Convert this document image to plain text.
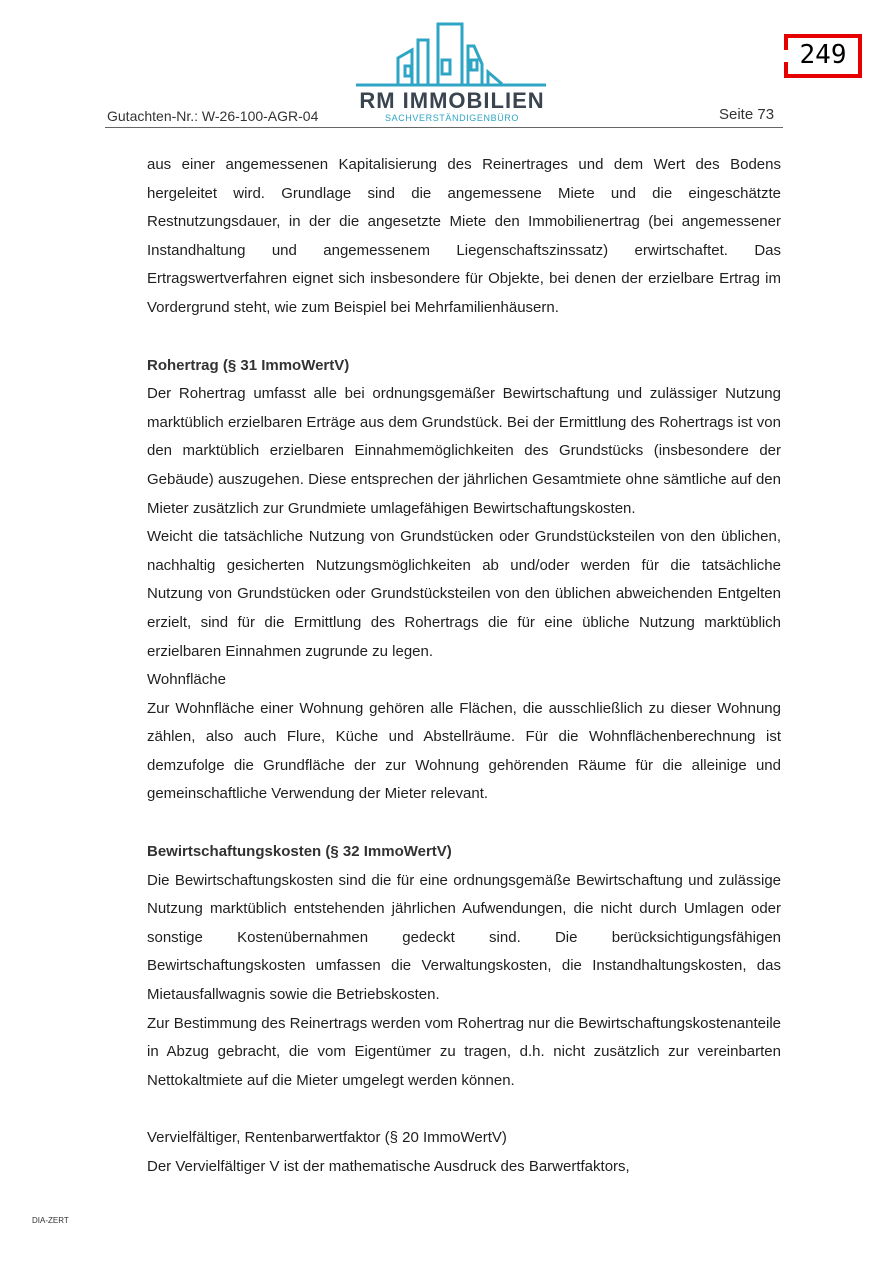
249
RM IMMOBILIEN
SACHVERSTÄNDIGENBÜRO
Gutachten-Nr.: W-26-100-AGR-04	Seite 73

aus einer angemessenen Kapitalisierung des Reinertrages und dem Wert des Bodens hergeleitet wird. Grundlage sind die angemessene Miete und die eingeschätzte Restnutzungsdauer, in der die angesetzte Miete den Immobilienertrag (bei angemessener Instandhaltung und angemessenem Liegenschaftszinssatz) erwirtschaftet. Das Ertragswertverfahren eignet sich insbesondere für Objekte, bei denen der erzielbare Ertrag im Vordergrund steht, wie zum Beispiel bei Mehrfamilienhäusern.

Rohertrag (§ 31 ImmoWertV)

Der Rohertrag umfasst alle bei ordnungsgemäßer Bewirtschaftung und zulässiger Nutzung marktüblich erzielbaren Erträge aus dem Grundstück. Bei der Ermittlung des Rohertrags ist von den marktüblich erzielbaren Einnahmemöglichkeiten des Grundstücks (insbesondere der Gebäude) auszugehen. Diese entsprechen der jährlichen Gesamtmiete ohne sämtliche auf den Mieter zusätzlich zur Grundmiete umlagefähigen Bewirtschaftungskosten.

Weicht die tatsächliche Nutzung von Grundstücken oder Grundstücksteilen von den üblichen, nachhaltig gesicherten Nutzungsmöglichkeiten ab und/oder werden für die tatsächliche Nutzung von Grundstücken oder Grundstücksteilen von den üblichen abweichenden Entgelten erzielt, sind für die Ermittlung des Rohertrags die für eine übliche Nutzung marktüblich erzielbaren Einnahmen zugrunde zu legen.

Wohnfläche

Zur Wohnfläche einer Wohnung gehören alle Flächen, die ausschließlich zu dieser Wohnung zählen, also auch Flure, Küche und Abstellräume. Für die Wohnflächenberechnung ist demzufolge die Grundfläche der zur Wohnung gehörenden Räume für die alleinige und gemeinschaftliche Verwendung der Mieter relevant.

Bewirtschaftungskosten (§ 32 ImmoWertV)

Die Bewirtschaftungskosten sind die für eine ordnungsgemäße Bewirtschaftung und zulässige Nutzung marktüblich entstehenden jährlichen Aufwendungen, die nicht durch Umlagen oder sonstige Kostenübernahmen gedeckt sind. Die berücksichtigungsfähigen Bewirtschaftungskosten umfassen die Verwaltungskosten, die Instandhaltungskosten, das Mietausfallwagnis sowie die Betriebskosten.

Zur Bestimmung des Reinertrags werden vom Rohertrag nur die Bewirtschaftungskostenanteile in Abzug gebracht, die vom Eigentümer zu tragen, d.h. nicht zusätzlich zur vereinbarten Nettokaltmiete auf die Mieter umgelegt werden können.

Vervielfältiger, Rentenbarwertfaktor (§ 20 ImmoWertV)

Der Vervielfältiger V ist der mathematische Ausdruck des Barwertfaktors,

DIA-ZERT
